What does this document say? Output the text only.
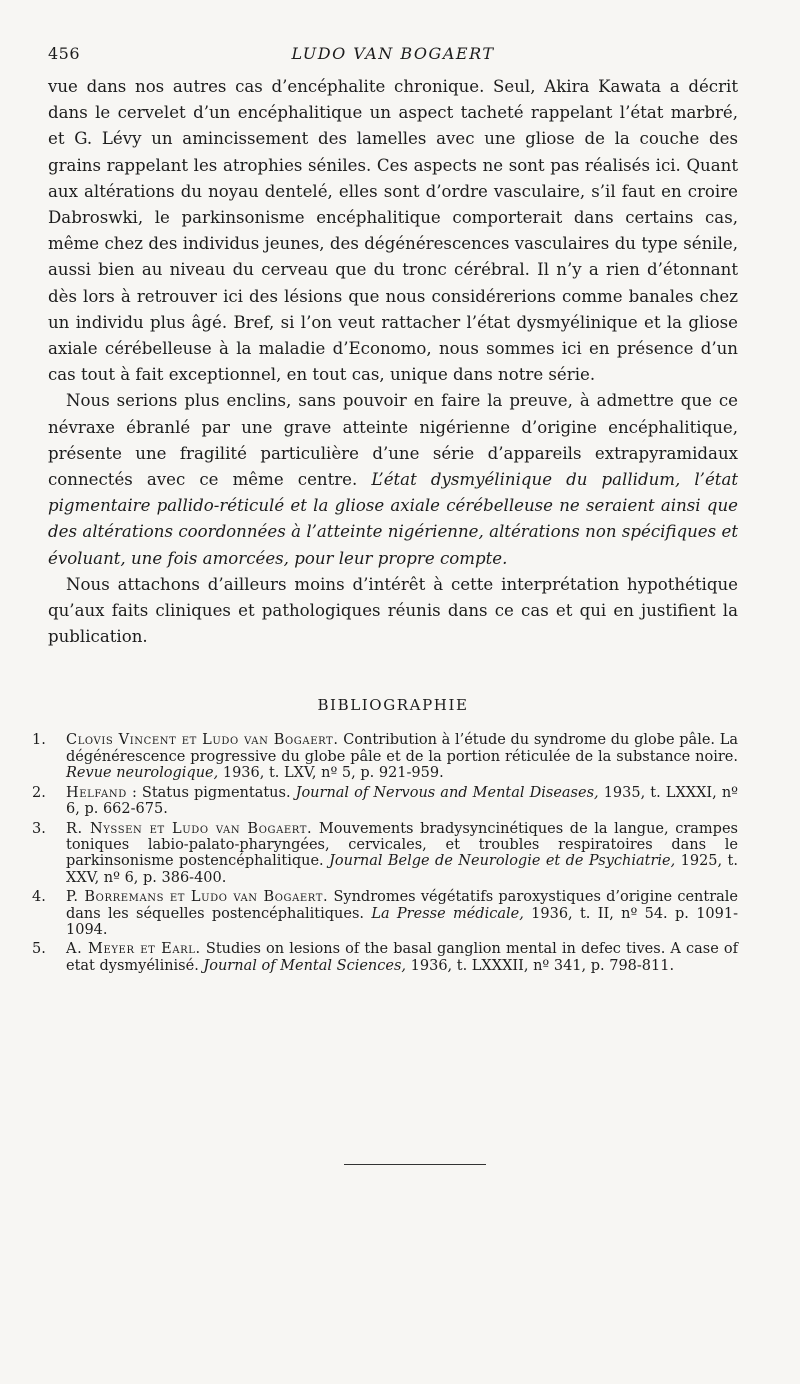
456	LUDO VAN BOGAERT

vue dans nos autres cas d’encéphalite chronique. Seul, Akira Kawata a décrit dans le cervelet d’un encéphalitique un aspect tacheté rappelant l’état marbré, et G. Lévy un amincissement des lamelles avec une gliose de la couche des grains rappelant les atrophies séniles. Ces aspects ne sont pas réalisés ici. Quant aux altérations du noyau dentelé, elles sont d’ordre vasculaire, s’il faut en croire Dabroswki, le parkinsonisme encéphalitique comporterait dans certains cas, même chez des individus jeunes, des dégénérescences vasculaires du type sénile, aussi bien au niveau du cerveau que du tronc cérébral. Il n’y a rien d’étonnant dès lors à retrouver ici des lésions que nous considérerions comme banales chez un individu plus âgé. Bref, si l’on veut rattacher l’état dysmyélinique et la gliose axiale cérébelleuse à la maladie d’Economo, nous sommes ici en présence d’un cas tout à fait exceptionnel, en tout cas, unique dans notre série.

Nous serions plus enclins, sans pouvoir en faire la preuve, à admettre que ce névraxe ébranlé par une grave atteinte nigérienne d’origine encéphalitique, présente une fragilité particulière d’une série d’appareils extrapyramidaux connectés avec ce même centre. L’état dysmyélinique du pallidum, l’état pigmentaire pallido-réticulé et la gliose axiale cérébelleuse ne seraient ainsi que des altérations coordonnées à l’atteinte nigérienne, altérations non spécifiques et évoluant, une fois amorcées, pour leur propre compte.

Nous attachons d’ailleurs moins d’intérêt à cette interprétation hypothétique qu’aux faits cliniques et pathologiques réunis dans ce cas et qui en justifient la publication.

BIBLIOGRAPHIE
1.	Clovis Vincent et Ludo van Bogaert. Contribution à l’étude du syndrome du globe pâle. La dégénérescence progressive du globe pâle et de la portion réticulée de la substance noire. Revue neurologique, 1936, t. LXV, nº 5, p. 921-959.
2.	Helfand : Status pigmentatus. Journal of Nervous and Mental Diseases, 1935, t. LXXXI, nº 6, p. 662-675.
3.	R. Nyssen et Ludo van Bogaert. Mouvements bradysyncinétiques de la langue, crampes toniques labio-palato-pharyngées, cervicales, et troubles respiratoires dans le parkinsonisme postencéphalitique. Journal Belge de Neurologie et de Psychiatrie, 1925, t. XXV, nº 6, p. 386-400.
4.	P. Borremans et Ludo van Bogaert. Syndromes végétatifs paroxystiques d’origine centrale dans les séquelles postencéphalitiques. La Presse médicale, 1936, t. II, nº 54. p. 1091-1094.
5.	A. Meyer et Earl. Studies on lesions of the basal ganglion mental in defec tives. A case of etat dysmyélinisé. Journal of Mental Sciences, 1936, t. LXXXII, nº 341, p. 798-811.
